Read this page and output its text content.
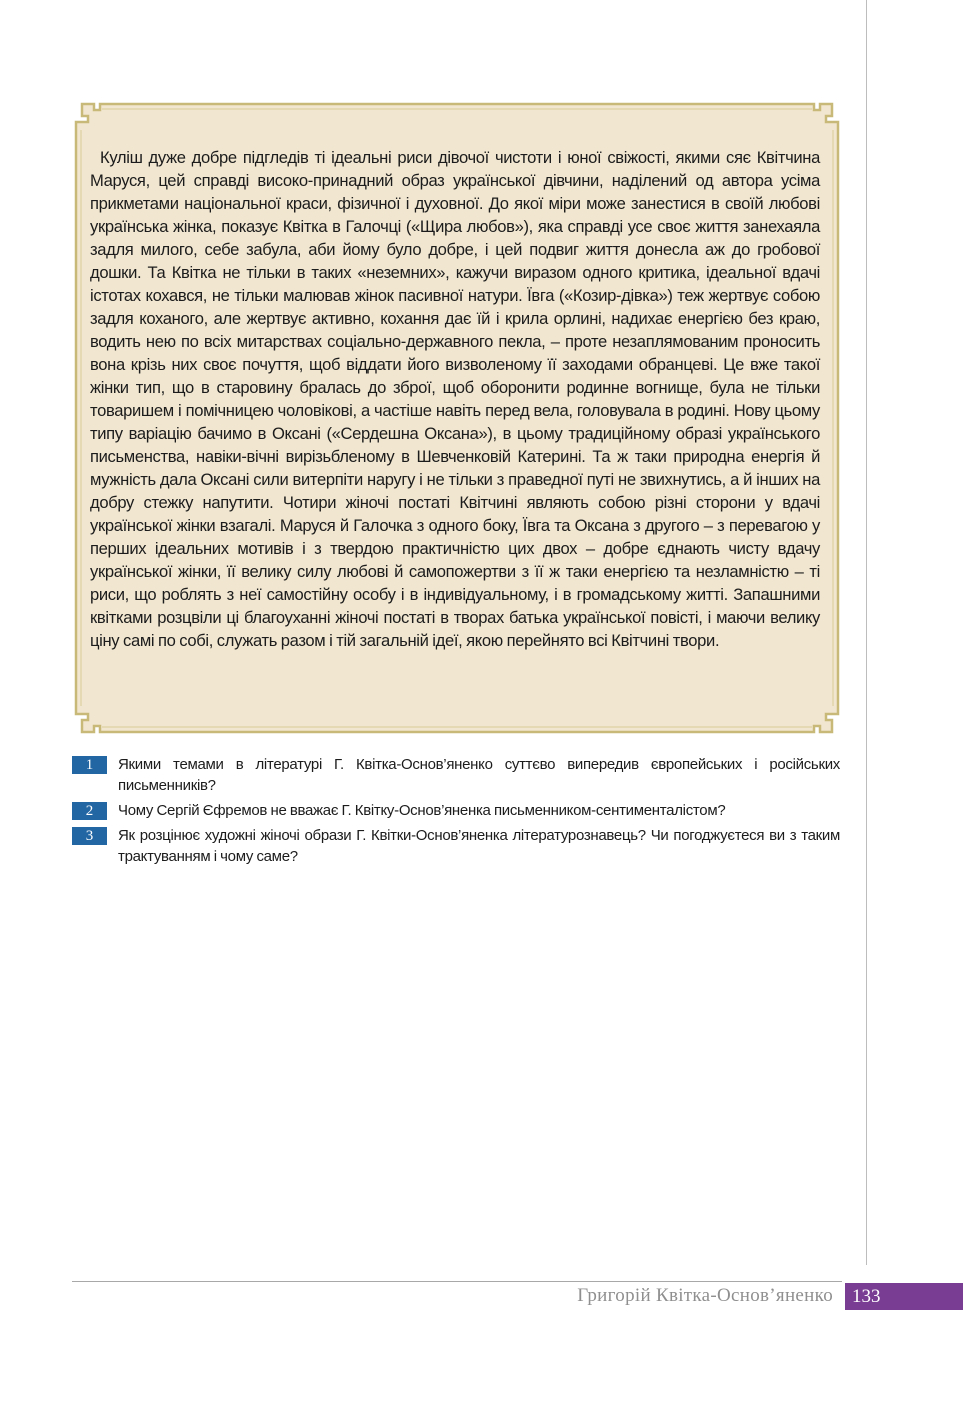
Куліш дуже добре підгледів ті ідеальні риси дівочої чистоти і юної свіжості, якими сяє Квітчина Маруся, цей справді високо-принадний образ української дівчини, наділений од автора усіма прикметами національної краси, фізичної і духовної. До якої міри може занестися в своїй любові українська жінка, показує Квітка в Галочці («Щира любов»), яка справді усе своє життя занехаяла задля милого, себе забула, аби йому було добре, і цей подвиг життя донесла аж до гробової дошки. Та Квітка не тільки в таких «неземних», кажучи виразом одного критика, ідеальної вдачі істотах кохався, не тільки малював жінок пасивної натури. Ївга («Козир-дівка») теж жертвує собою задля коханого, але жертвує активно, кохання дає їй і крила орлині, надихає енергією без краю, водить нею по всіх митарствах соціально-державного пекла, – проте незаплямованим проносить вона крізь них своє почуття, щоб віддати його визволеному її заходами обранцеві. Це вже такої жінки тип, що в старовину бралась до зброї, щоб оборонити родинне вогнище, була не тільки товаришем і помічницею чоловікові, а частіше навіть перед вела, головувала в родині. Нову цьому типу варіацію бачимо в Оксані («Сердешна Оксана»), в цьому традиційному образі українського письменства, навіки-вічні вирізьбленому в Шевченковій Катерині. Та ж таки природна енергія й мужність дала Оксані сили витерпіти наругу і не тільки з праведної путі не звихнутись, а й інших на добру стежку напутити. Чотири жіночі постаті Квітчині являють собою різні сторони у вдачі української жінки взагалі. Маруся й Галочка з одного боку, Ївга та Оксана з другого – з перевагою у перших ідеальних мотивів і з твердою практичністю цих двох – добре єднають чисту вдачу української жінки, її велику силу любові й самопожертви з її ж таки енергією та незламністю – ті риси, що роблять з неї самостійну особу і в індивідуальному, і в громадському житті. Запашними квітками розцвіли ці благоуханні жіночі постаті в творах батька української повісті, і маючи велику ціну самі по собі, служать разом і тій загальній ідеї, якою перейнято всі Квітчині твори.
1	Якими темами в літературі Г. Квітка-Основ’яненко суттєво випередив європейських і російських письменників?
2	Чому Сергій Єфремов не вважає Г. Квітку-Основ’яненка письменником-сентименталістом?
3	Як розцінює художні жіночі образи Г. Квітки-Основ’яненка літературознавець? Чи погоджуєтеся ви з таким трактуванням і чому саме?
Григорій Квітка-Основ’яненко	133
